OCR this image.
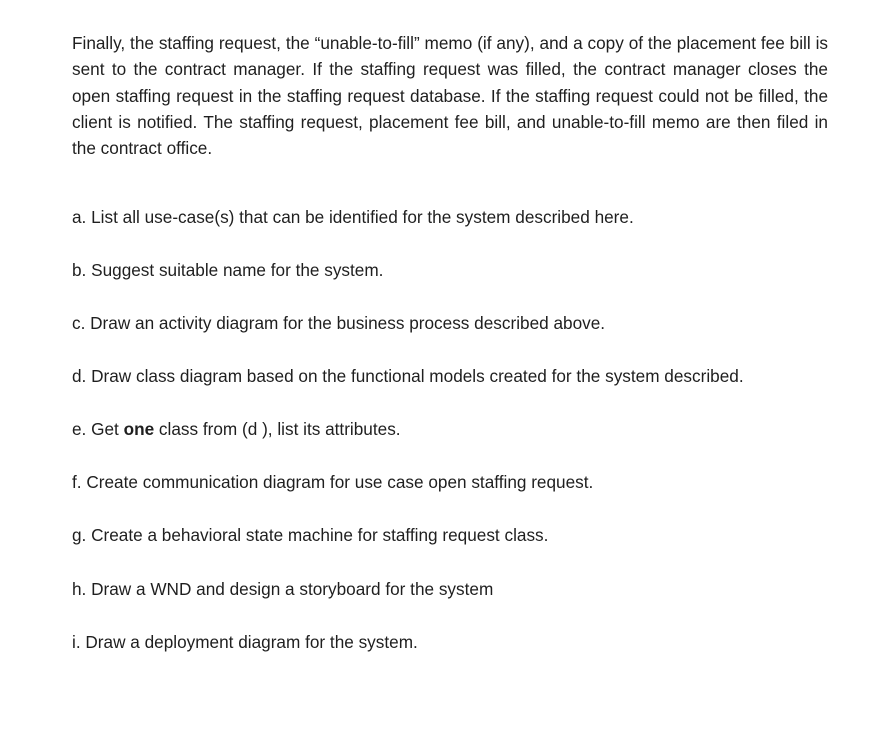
Finally, the staffing request, the “unable-to-fill” memo (if any), and a copy of the placement fee bill is sent to the contract manager. If the staffing request was filled, the contract manager closes the open staffing request in the staffing request database. If the staffing request could not be filled, the client is notified. The staffing request, placement fee bill, and unable-to-fill memo are then filed in the contract office.

a. List all use-case(s) that can be identified for the system described here.

b. Suggest suitable name for the system.

c. Draw an activity diagram for the business process described above.

d. Draw class diagram based on the functional models created for the system described.

e. Get one class from (d ), list its attributes.

f. Create communication diagram for use case open staffing request.

g. Create a behavioral state machine for staffing request class.

h. Draw a WND and design a storyboard for the system

i. Draw a deployment diagram for the system.
